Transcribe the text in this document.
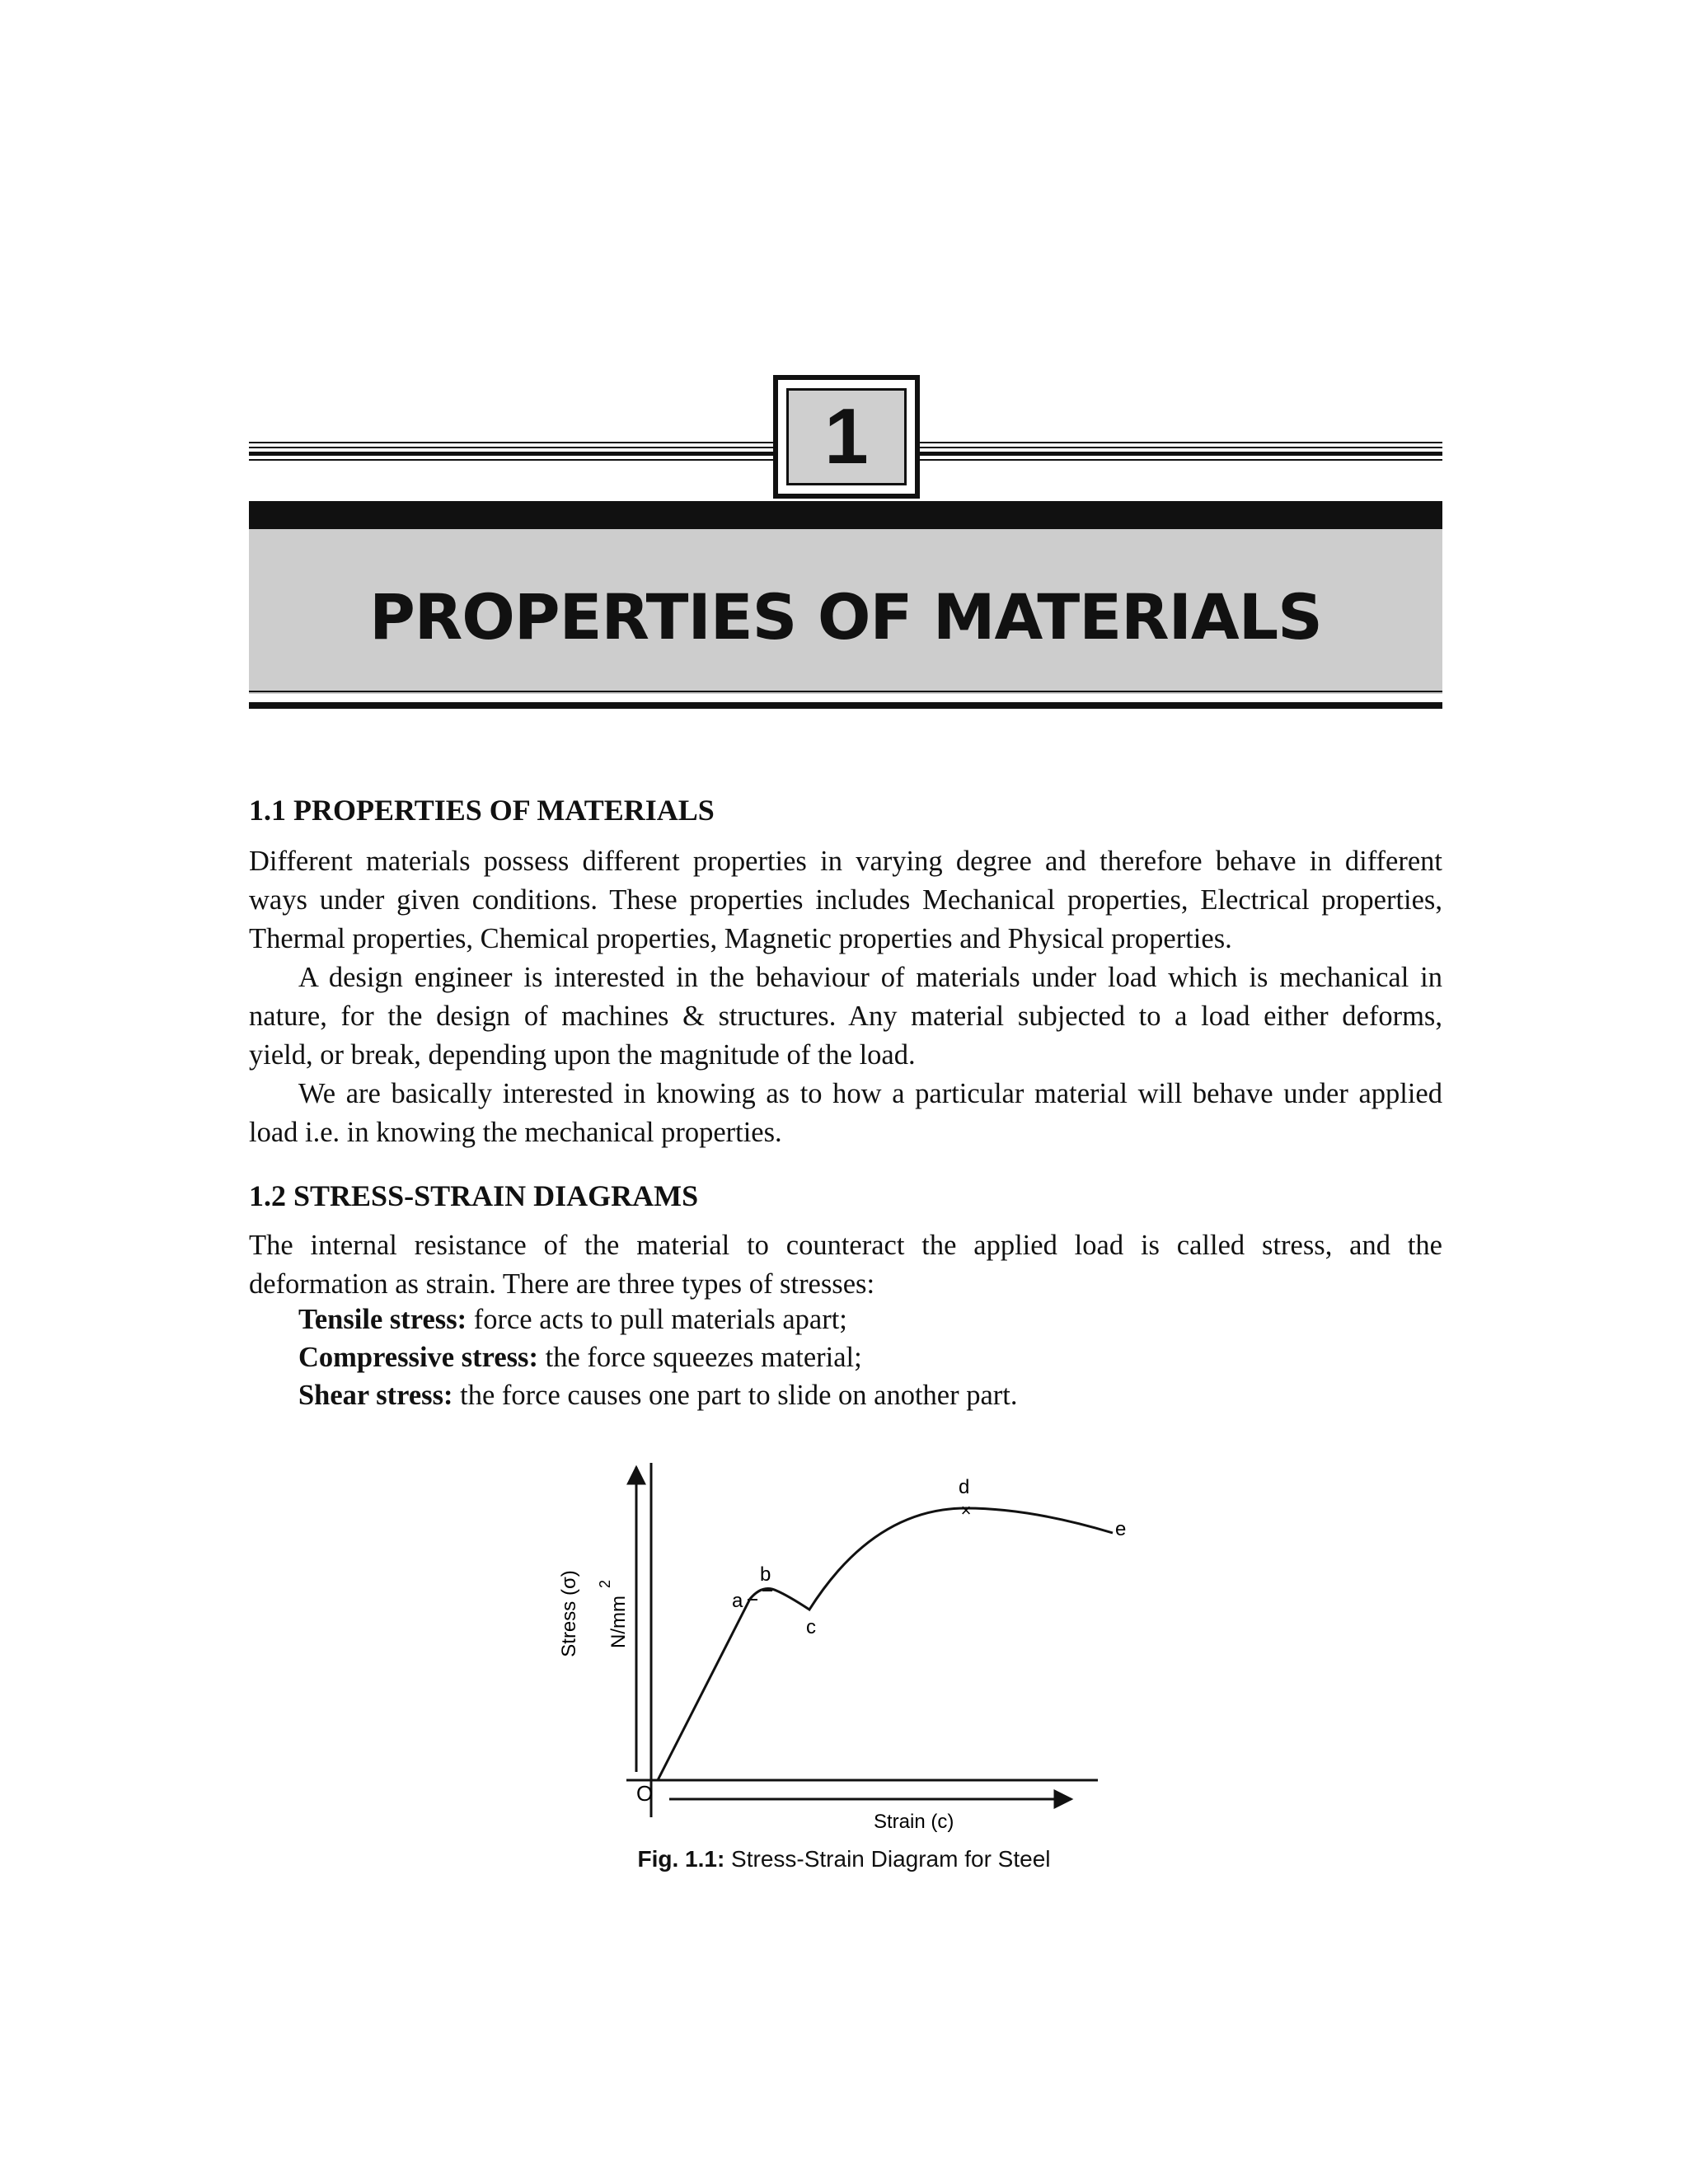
1
PROPERTIES OF MATERIALS
1.1 PROPERTIES OF MATERIALS
Different materials possess different properties in varying degree and therefore behave in different
ways under given conditions. These properties includes Mechanical properties, Electrical properties,
Thermal properties, Chemical properties, Magnetic properties and Physical properties.
A design engineer is interested in the behaviour of materials under load which is mechanical in
nature, for the design of machines & structures. Any material subjected to a load either deforms,
yield, or break, depending upon the magnitude of the load.
We are basically interested in knowing as to how a particular material will behave under applied
load i.e. in knowing the mechanical properties.
1.2 STRESS-STRAIN DIAGRAMS
The internal resistance of the material to counteract the applied load is called stress, and the
deformation as strain. There are three types of stresses:
Tensile stress: force acts to pull materials apart;
Compressive stress: the force squeezes material;
Shear stress: the force causes one part to slide on another part.
×
a
b
c
d
e
O
Stress (σ) N/mm
2
Strain (c)
Fig. 1.1: Stress-Strain Diagram for Steel
